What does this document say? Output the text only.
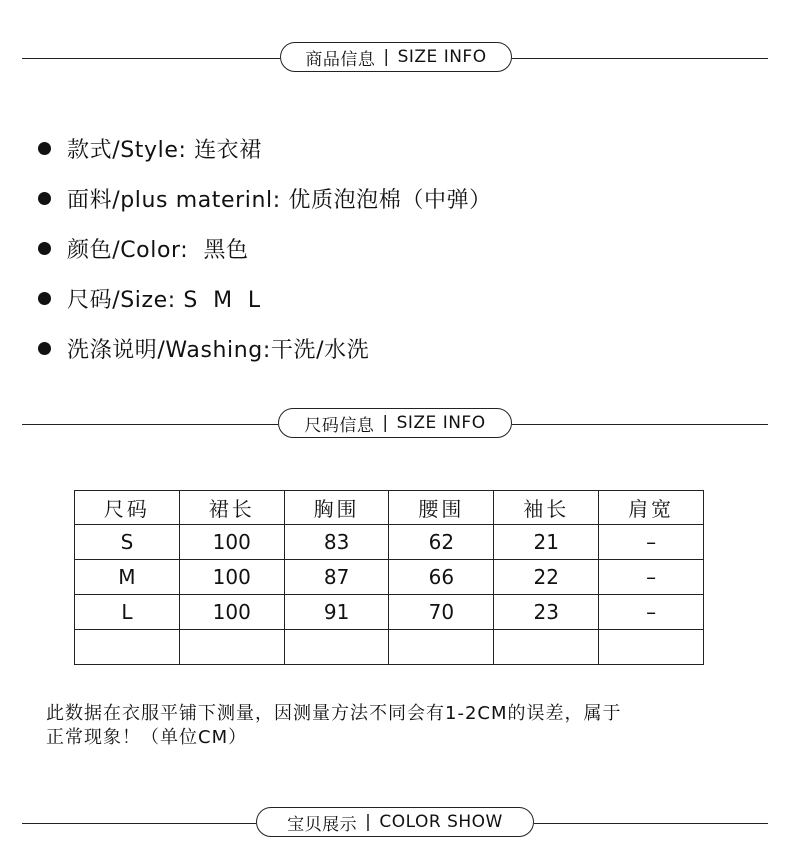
商品信息 | SIZE INFO
款式/Style: 连衣裙
面料/plus materinl: 优质泡泡棉（中弹）
颜色/Color:  黑色
尺码/Size: S  M  L
洗涤说明/Washing:干洗/水洗
尺码信息 | SIZE INFO
尺码	裙长	胸围	腰围	袖长	肩宽
S	100	83	62	21	–
M	100	87	66	22	–
L	100	91	70	23	–

此数据在衣服平铺下测量，因测量方法不同会有1-2CM的误差，属于
正常现象！（单位CM）
宝贝展示 | COLOR SHOW
